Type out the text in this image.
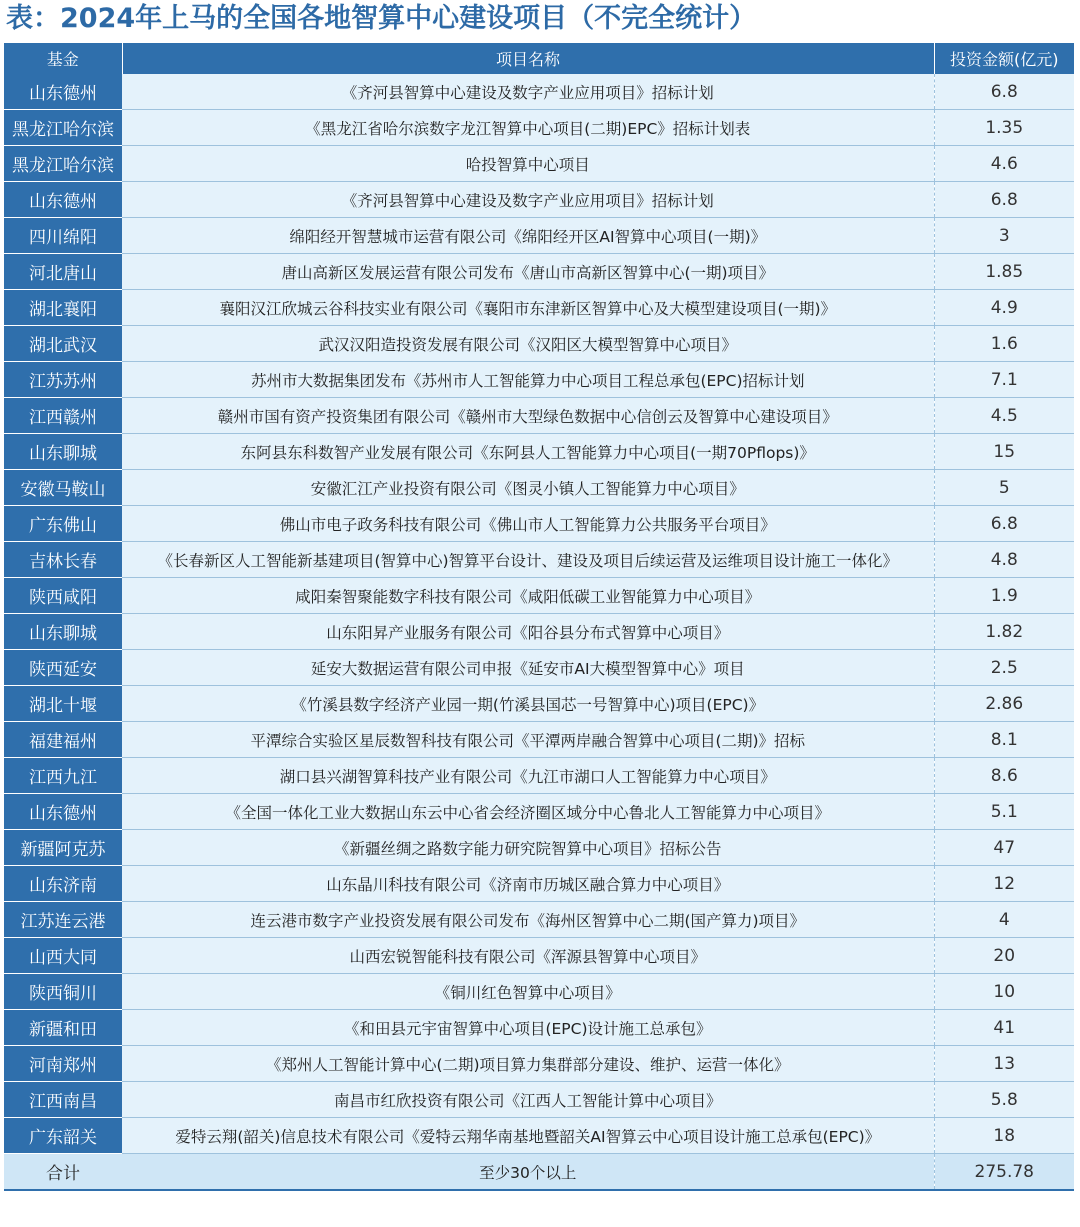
表：2024年上马的全国各地智算中心建设项目（不完全统计）
基金	项目名称	投资金额(亿元)
山东德州	《齐河县智算中心建设及数字产业应用项目》招标计划	6.8
黑龙江哈尔滨	《黑龙江省哈尔滨数字龙江智算中心项目(二期)EPC》招标计划表	1.35
黑龙江哈尔滨	哈投智算中心项目	4.6
山东德州	《齐河县智算中心建设及数字产业应用项目》招标计划	6.8
四川绵阳	绵阳经开智慧城市运营有限公司《绵阳经开区AI智算中心项目(一期)》	3
河北唐山	唐山高新区发展运营有限公司发布《唐山市高新区智算中心(一期)项目》	1.85
湖北襄阳	襄阳汉江欣城云谷科技实业有限公司《襄阳市东津新区智算中心及大模型建设项目(一期)》	4.9
湖北武汉	武汉汉阳造投资发展有限公司《汉阳区大模型智算中心项目》	1.6
江苏苏州	苏州市大数据集团发布《苏州市人工智能算力中心项目工程总承包(EPC)招标计划	7.1
江西赣州	赣州市国有资产投资集团有限公司《赣州市大型绿色数据中心信创云及智算中心建设项目》	4.5
山东聊城	东阿县东科数智产业发展有限公司《东阿县人工智能算力中心项目(一期70Pflops)》	15
安徽马鞍山	安徽汇江产业投资有限公司《图灵小镇人工智能算力中心项目》	5
广东佛山	佛山市电子政务科技有限公司《佛山市人工智能算力公共服务平台项目》	6.8
吉林长春	《长春新区人工智能新基建项目(智算中心)智算平台设计、建设及项目后续运营及运维项目设计施工一体化》	4.8
陕西咸阳	咸阳秦智聚能数字科技有限公司《咸阳低碳工业智能算力中心项目》	1.9
山东聊城	山东阳昇产业服务有限公司《阳谷县分布式智算中心项目》	1.82
陕西延安	延安大数据运营有限公司申报《延安市AI大模型智算中心》项目	2.5
湖北十堰	《竹溪县数字经济产业园一期(竹溪县国芯一号智算中心)项目(EPC)》	2.86
福建福州	平潭综合实验区星辰数智科技有限公司《平潭两岸融合智算中心项目(二期)》招标	8.1
江西九江	湖口县兴湖智算科技产业有限公司《九江市湖口人工智能算力中心项目》	8.6
山东德州	《全国一体化工业大数据山东云中心省会经济圈区域分中心鲁北人工智能算力中心项目》	5.1
新疆阿克苏	《新疆丝绸之路数字能力研究院智算中心项目》招标公告	47
山东济南	山东晶川科技有限公司《济南市历城区融合算力中心项目》	12
江苏连云港	连云港市数字产业投资发展有限公司发布《海州区智算中心二期(国产算力)项目》	4
山西大同	山西宏锐智能科技有限公司《浑源县智算中心项目》	20
陕西铜川	《铜川红色智算中心项目》	10
新疆和田	《和田县元宇宙智算中心项目(EPC)设计施工总承包》	41
河南郑州	《郑州人工智能计算中心(二期)项目算力集群部分建设、维护、运营一体化》	13
江西南昌	南昌市红欣投资有限公司《江西人工智能计算中心项目》	5.8
广东韶关	爱特云翔(韶关)信息技术有限公司《爱特云翔华南基地暨韶关AI智算云中心项目设计施工总承包(EPC)》	18
合计	至少30个以上	275.78
